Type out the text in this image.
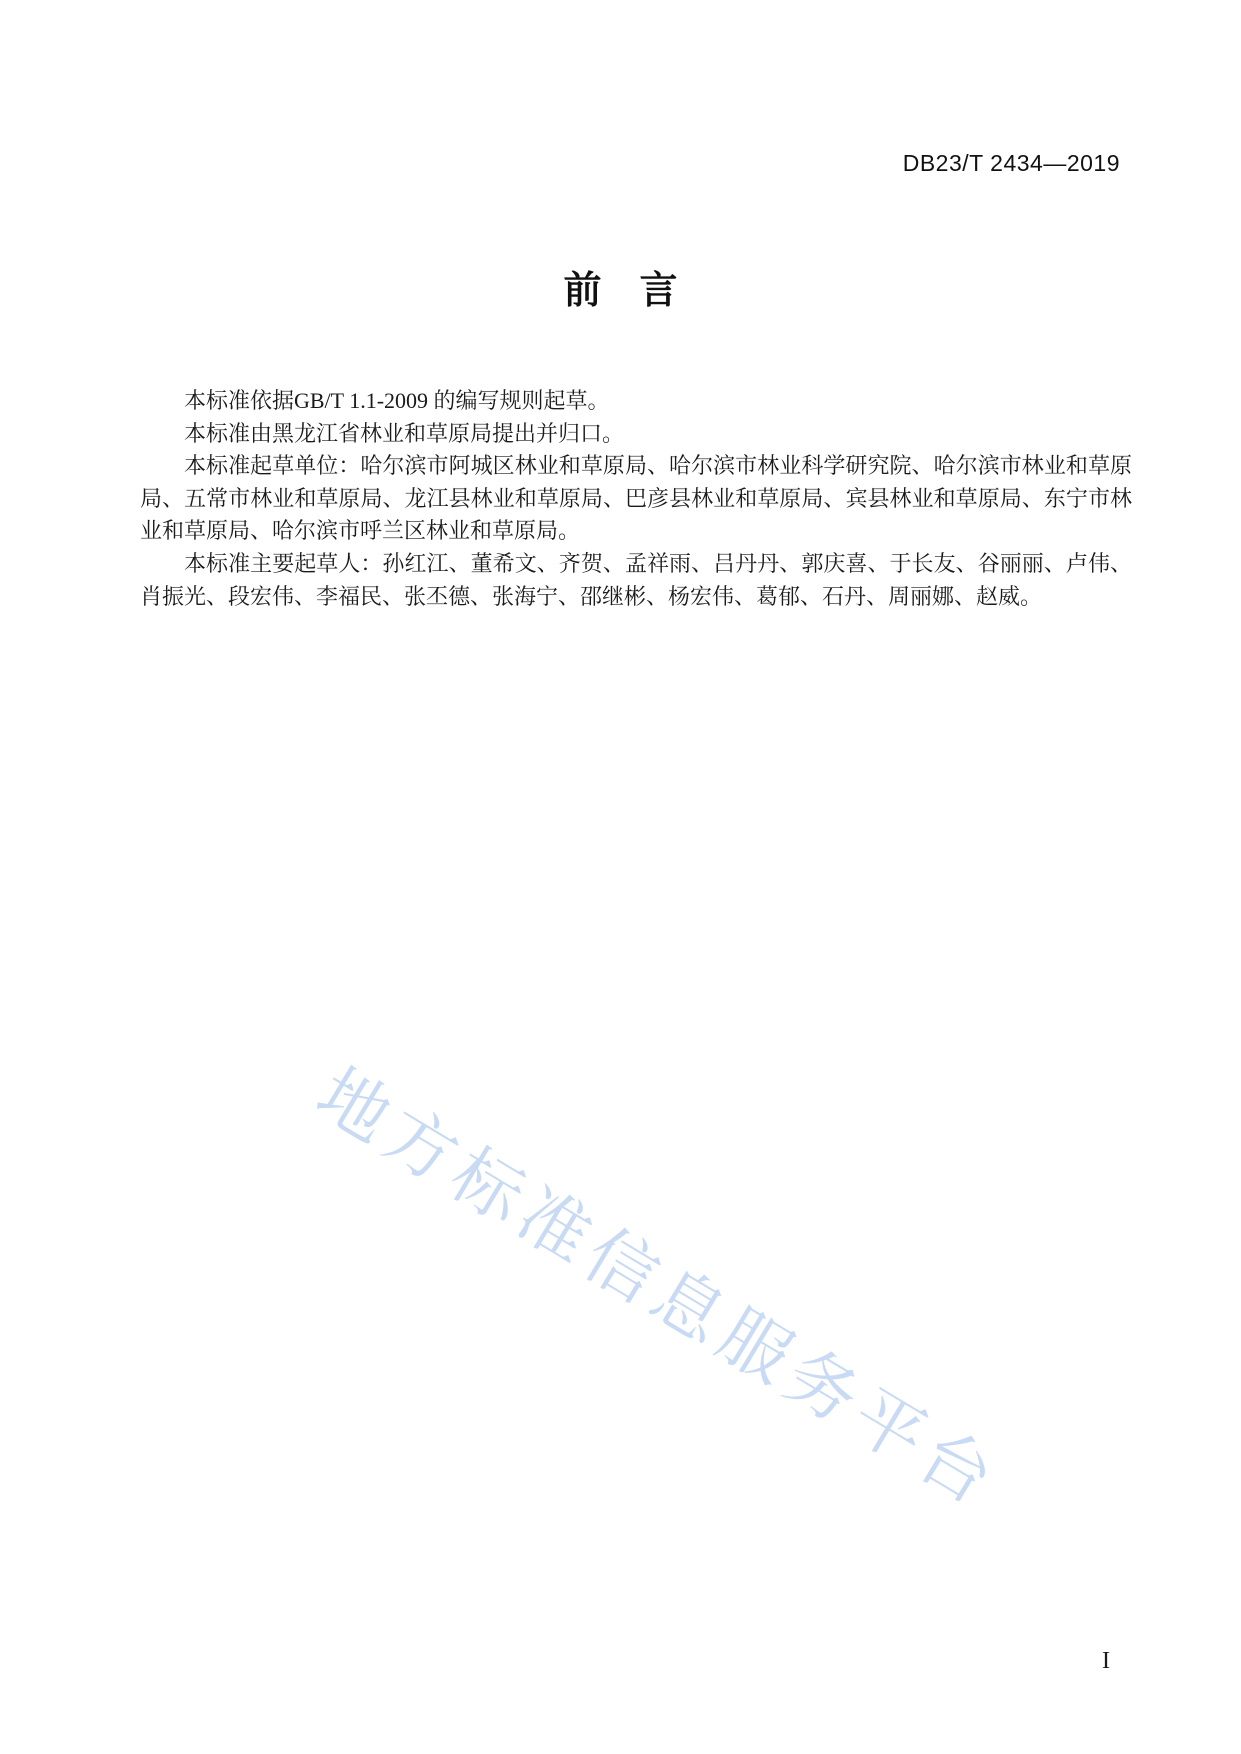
DB23/T 2434—2019
前　言

本标准依据GB/T 1.1-2009 的编写规则起草。

本标准由黑龙江省林业和草原局提出并归口。

本标准起草单位：哈尔滨市阿城区林业和草原局、哈尔滨市林业科学研究院、哈尔滨市林业和草原局、五常市林业和草原局、龙江县林业和草原局、巴彦县林业和草原局、宾县林业和草原局、东宁市林业和草原局、哈尔滨市呼兰区林业和草原局。

本标准主要起草人：孙红江、董希文、齐贺、孟祥雨、吕丹丹、郭庆喜、于长友、谷丽丽、卢伟、肖振光、段宏伟、李福民、张丕德、张海宁、邵继彬、杨宏伟、葛郁、石丹、周丽娜、赵威。

地方标准信息服务平台
I
